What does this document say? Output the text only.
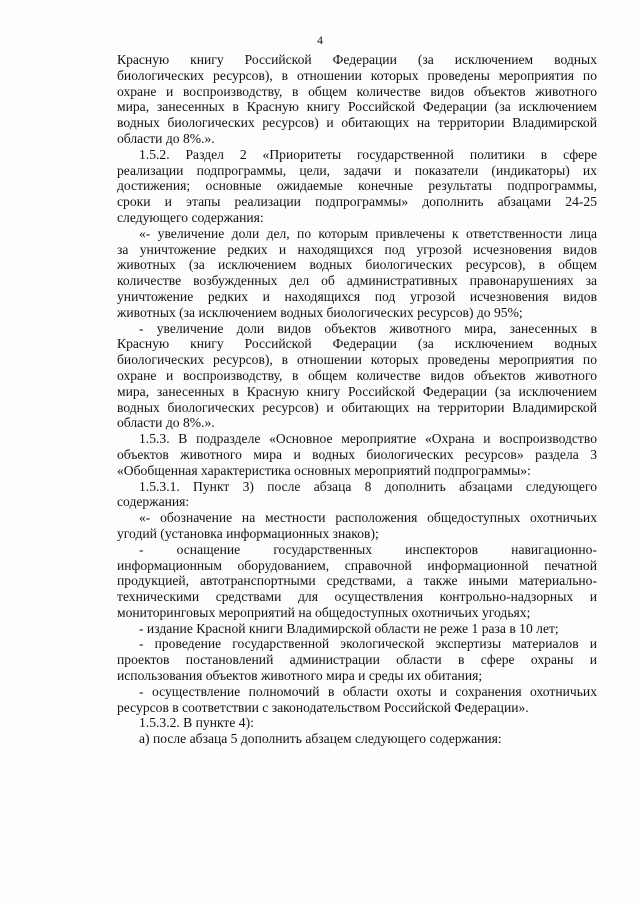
4
Красную книгу Российской Федерации (за исключением водных
биологических ресурсов), в отношении которых проведены мероприятия по
охране и воспроизводству, в общем количестве видов объектов животного
мира, занесенных в Красную книгу Российской Федерации (за исключением
водных биологических ресурсов) и обитающих на территории Владимирской
области до 8%.».
1.5.2. Раздел 2 «Приоритеты государственной политики в сфере
реализации подпрограммы, цели, задачи и показатели (индикаторы) их
достижения; основные ожидаемые конечные результаты подпрограммы,
сроки и этапы реализации подпрограммы» дополнить абзацами 24-25
следующего содержания:
«- увеличение доли дел, по которым привлечены к ответственности лица
за уничтожение редких и находящихся под угрозой исчезновения видов
животных (за исключением водных биологических ресурсов), в общем
количестве возбужденных дел об административных правонарушениях за
уничтожение редких и находящихся под угрозой исчезновения видов
животных (за исключением водных биологических ресурсов) до 95%;
- увеличение доли видов объектов животного мира, занесенных в
Красную книгу Российской Федерации (за исключением водных
биологических ресурсов), в отношении которых проведены мероприятия по
охране и воспроизводству, в общем количестве видов объектов животного
мира, занесенных в Красную книгу Российской Федерации (за исключением
водных биологических ресурсов) и обитающих на территории Владимирской
области до 8%.».
1.5.3. В подразделе «Основное мероприятие «Охрана и воспроизводство
объектов животного мира и водных биологических ресурсов» раздела 3
«Обобщенная характеристика основных мероприятий подпрограммы»:
1.5.3.1. Пункт 3) после абзаца 8 дополнить абзацами следующего
содержания:
«- обозначение на местности расположения общедоступных охотничьих
угодий (установка информационных знаков);
- оснащение государственных инспекторов навигационно-
информационным оборудованием, справочной информационной печатной
продукцией, автотранспортными средствами, а также иными материально-
техническими средствами для осуществления контрольно-надзорных и
мониторинговых мероприятий на общедоступных охотничьих угодьях;
- издание Красной книги Владимирской области не реже 1 раза в 10 лет;
- проведение государственной экологической экспертизы материалов и
проектов постановлений администрации области в сфере охраны и
использования объектов животного мира и среды их обитания;
- осуществление полномочий в области охоты и сохранения охотничьих
ресурсов в соответствии с законодательством Российской Федерации».
1.5.3.2. В пункте 4):
а) после абзаца 5 дополнить абзацем следующего содержания:
